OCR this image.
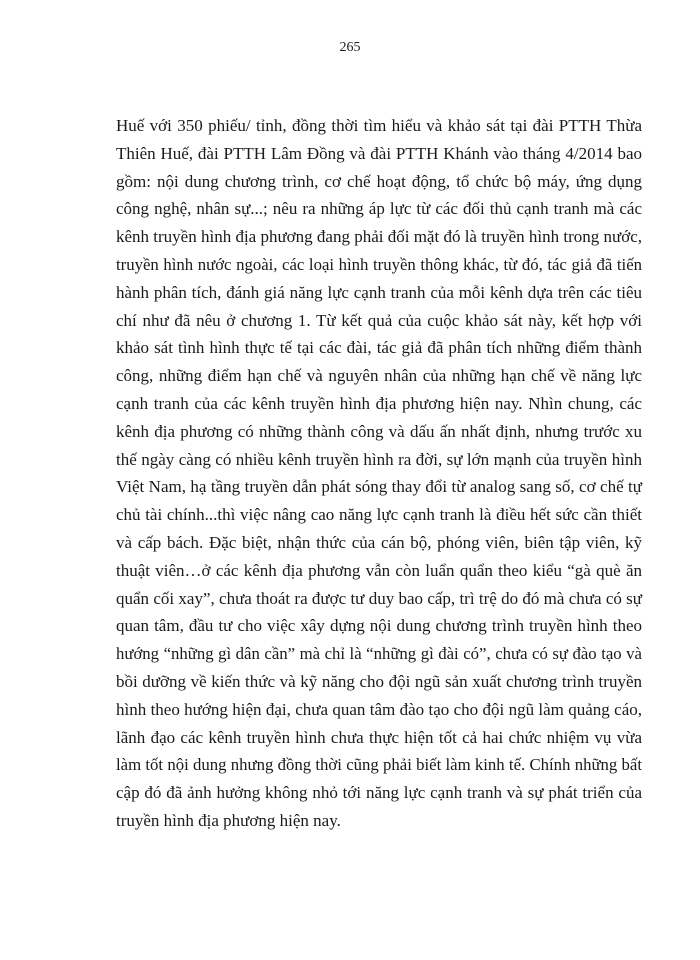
265
Huế với 350 phiếu/ tỉnh, đồng thời tìm hiểu và khảo sát tại đài PTTH Thừa
Thiên Huế, đài PTTH Lâm Đồng và đài PTTH Khánh vào tháng 4/2014 bao
gồm: nội dung chương trình, cơ chế hoạt động, tổ chức bộ máy, ứng dụng
công nghệ, nhân sự...; nêu ra những áp lực từ các đối thủ cạnh tranh mà các
kênh truyền hình địa phương đang phải đối mặt đó là truyền hình trong nước,
truyền hình nước ngoài, các loại hình truyền thông khác, từ đó, tác giả đã tiến
hành phân tích, đánh giá năng lực cạnh tranh của mỗi kênh dựa trên các tiêu
chí như đã nêu ở chương 1. Từ kết quả của cuộc khảo sát này, kết hợp với
khảo sát tình hình thực tế tại các đài, tác giả đã phân tích những điểm thành
công, những điểm hạn chế và nguyên nhân của những hạn chế về năng lực
cạnh tranh của các kênh truyền hình địa phương hiện nay. Nhìn chung, các
kênh địa phương có những thành công và dấu ấn nhất định, nhưng trước xu
thế ngày càng có nhiều kênh truyền hình ra đời, sự lớn mạnh của truyền hình
Việt Nam, hạ tầng truyền dẫn phát sóng thay đổi từ analog sang số, cơ chế tự
chủ tài chính...thì việc nâng cao năng lực cạnh tranh là điều hết sức cần thiết
và cấp bách. Đặc biệt, nhận thức của cán bộ, phóng viên, biên tập viên, kỹ
thuật viên…ở các kênh địa phương vẫn còn luẩn quẩn theo kiểu “gà què ăn
quẩn cối xay”, chưa thoát ra được tư duy bao cấp, trì trệ do đó mà chưa có sự
quan tâm, đầu tư cho việc xây dựng nội dung chương trình truyền hình theo
hướng “những gì dân cần” mà chỉ là “những gì đài có”, chưa có sự đào tạo và
bồi dưỡng về kiến thức và kỹ năng cho đội ngũ sản xuất chương trình truyền
hình theo hướng hiện đại, chưa quan tâm đào tạo cho đội ngũ làm quảng cáo,
lãnh đạo các kênh truyền hình chưa thực hiện tốt cả hai chức nhiệm vụ vừa
làm tốt nội dung nhưng đồng thời cũng phải biết làm kinh tế. Chính những bất
cập đó đã ảnh hưởng không nhỏ tới năng lực cạnh tranh và sự phát triển của
truyền hình địa phương hiện nay.
